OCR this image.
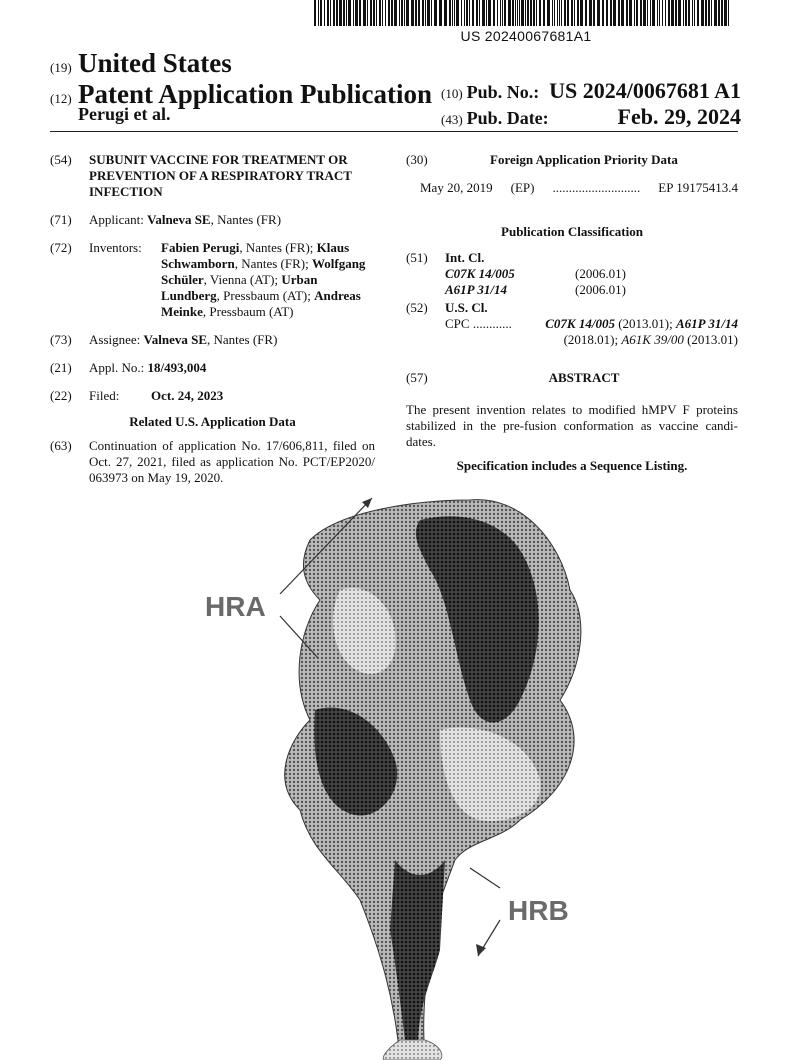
US 20240067681A1
(19) United States
(12) Patent Application Publication
Perugi et al.
(10) Pub. No.: US 2024/0067681 A1
(43) Pub. Date:	Feb. 29, 2024
(54)	SUBUNIT VACCINE FOR TREATMENT OR PREVENTION OF A RESPIRATORY TRACT INFECTION
(71)	Applicant: Valneva SE, Nantes (FR)
(72)	Inventors:	Fabien Perugi, Nantes (FR); Klaus Schwamborn, Nantes (FR); Wolfgang Schüler, Vienna (AT); Urban Lundberg, Pressbaum (AT); Andreas Meinke, Pressbaum (AT)
(73)	Assignee: Valneva SE, Nantes (FR)
(21)	Appl. No.: 18/493,004
(22)	Filed:	Oct. 24, 2023
Related U.S. Application Data
(63)	Continuation of application No. 17/606,811, filed on Oct. 27, 2021, filed as application No. PCT/EP2020/ 063973 on May 19, 2020.
(30)	Foreign Application Priority Data
May 20, 2019 (EP) ........................... EP 19175413.4
Publication Classification
(51)	Int. Cl.
C07K 14/005	(2006.01)
A61P 31/14	(2006.01)
(52)	U.S. Cl.
CPC ............	C07K 14/005 (2013.01); A61P 31/14 (2018.01); A61K 39/00 (2013.01)
(57)	ABSTRACT
The present invention relates to modified hMPV F proteins stabilized in the pre-fusion conformation as vaccine candi-dates.
Specification includes a Sequence Listing.
HRA
HRB
